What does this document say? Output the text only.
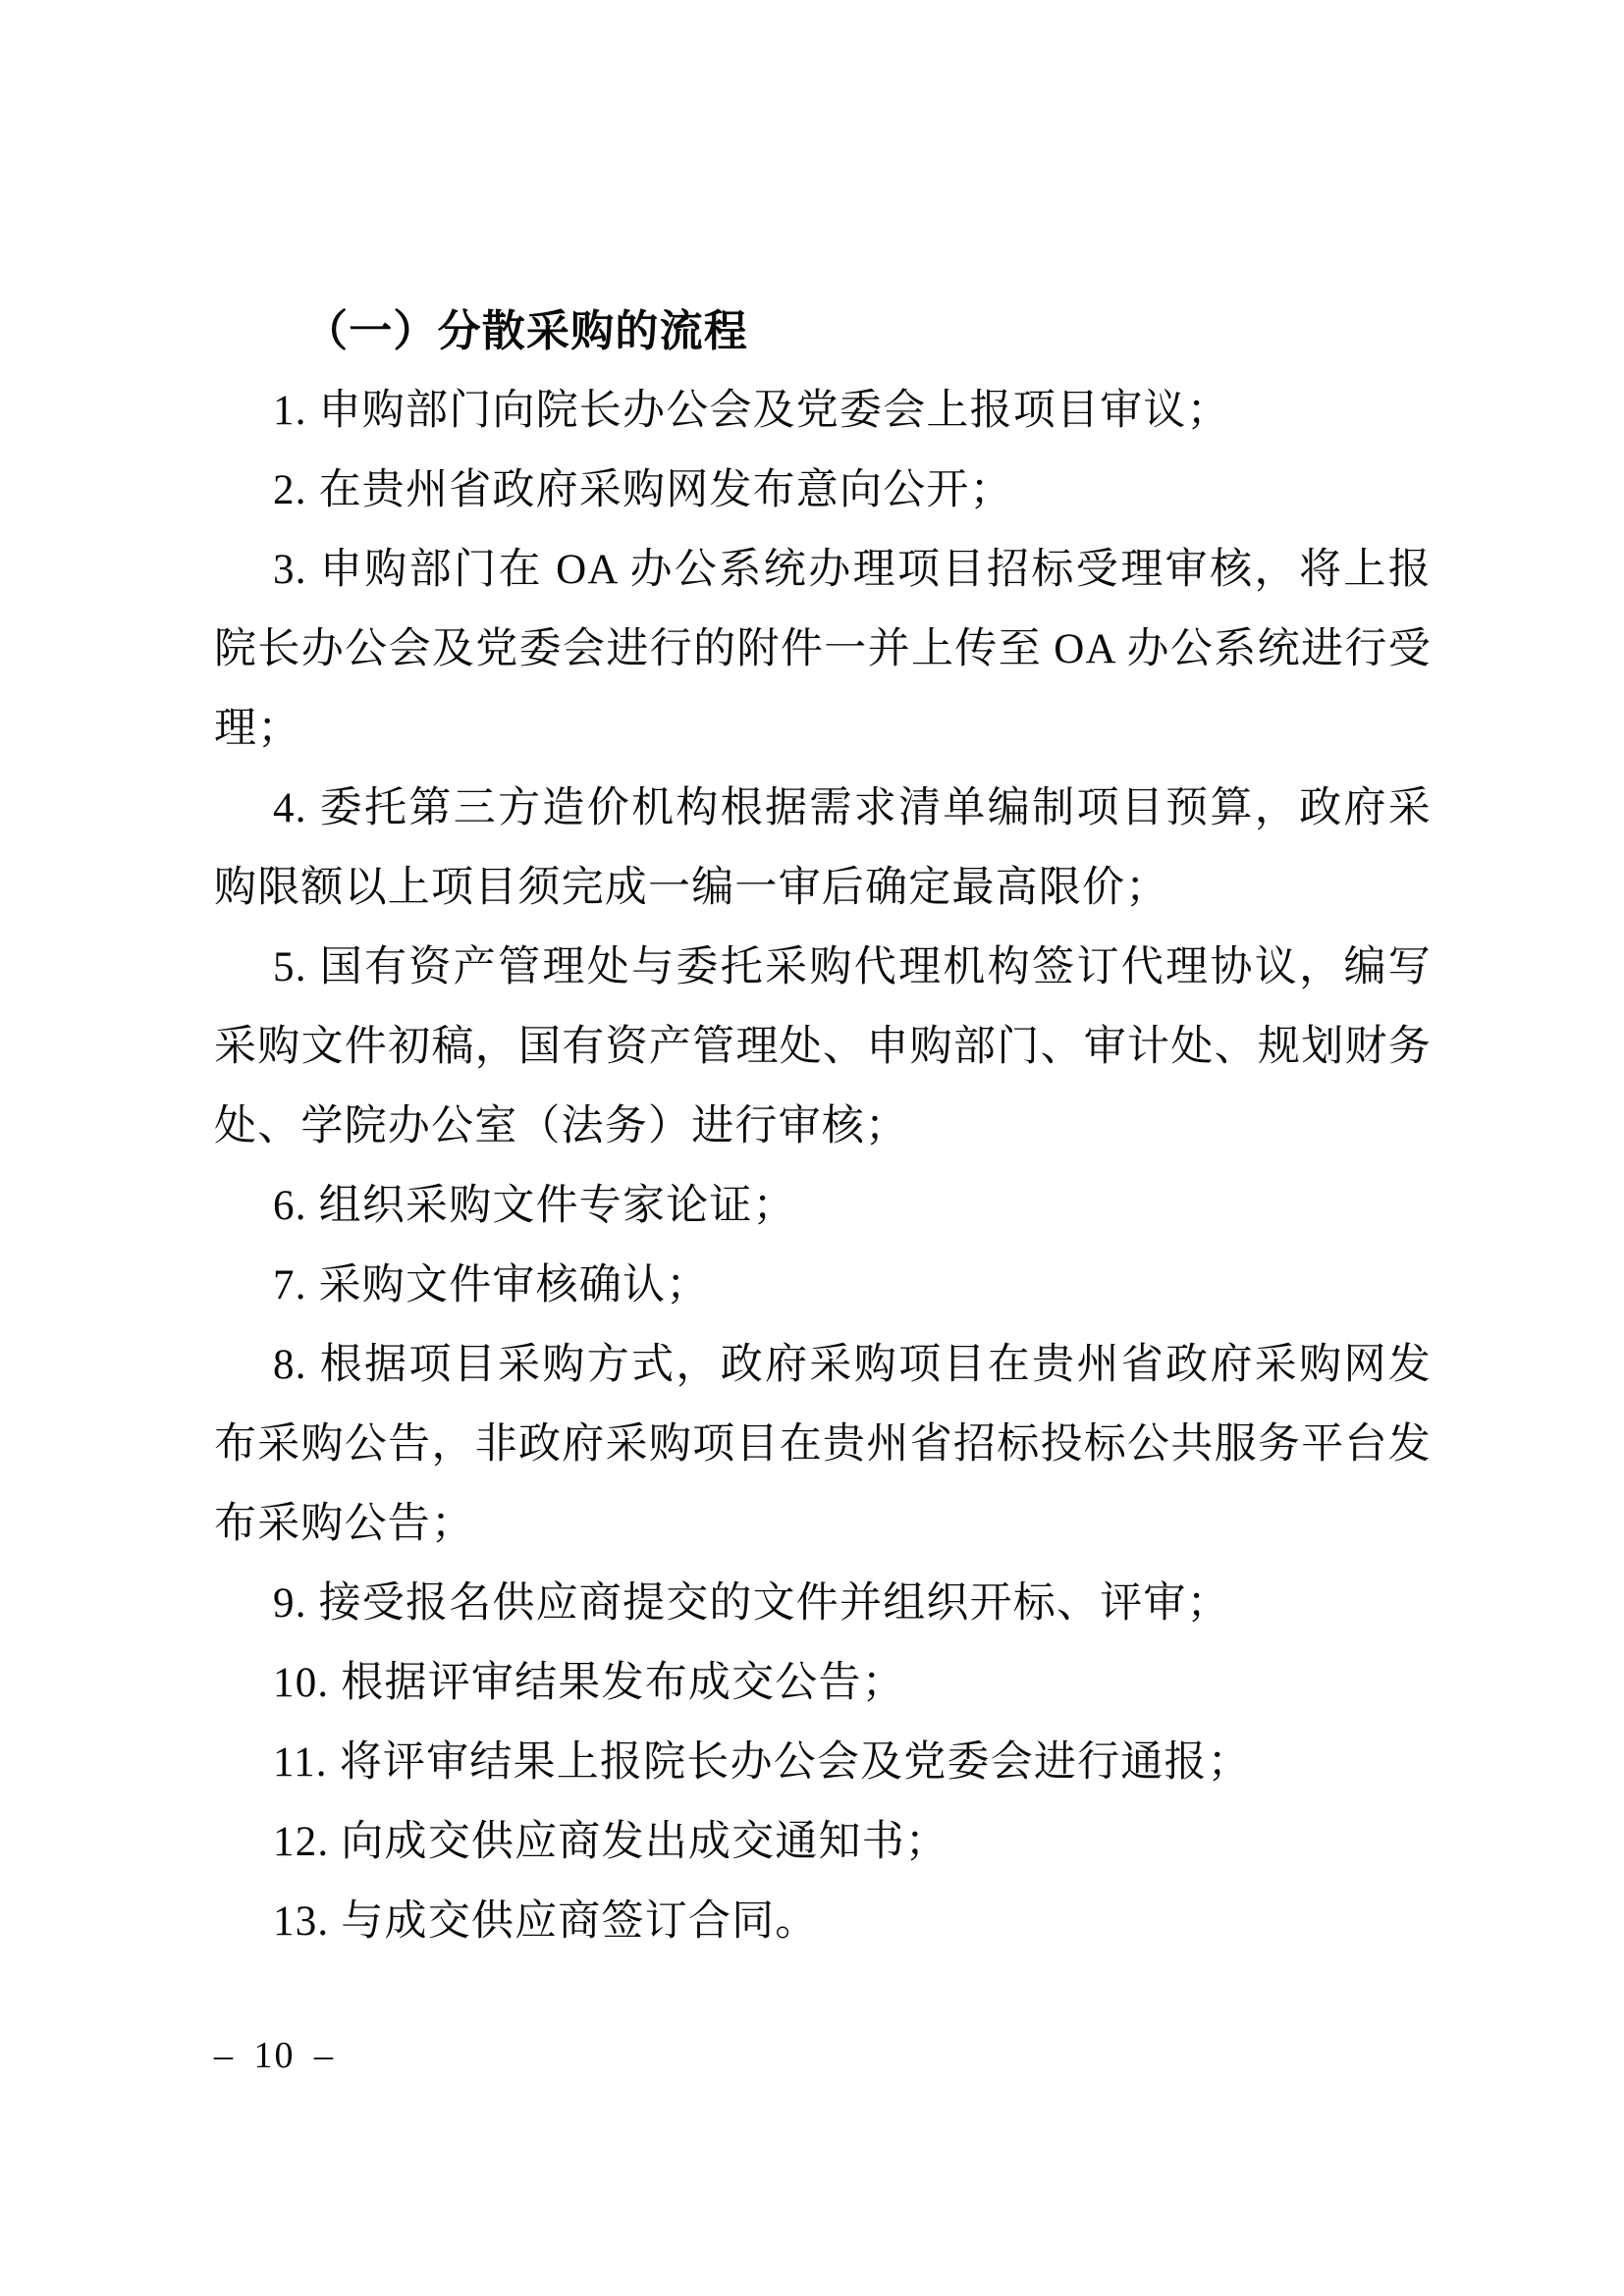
（一）分散采购的流程

1. 申购部门向院长办公会及党委会上报项目审议；

2. 在贵州省政府采购网发布意向公开；

3. 申购部门在 OA 办公系统办理项目招标受理审核，将上报院长办公会及党委会进行的附件一并上传至 OA 办公系统进行受理；

4. 委托第三方造价机构根据需求清单编制项目预算，政府采购限额以上项目须完成一编一审后确定最高限价；

5. 国有资产管理处与委托采购代理机构签订代理协议，编写采购文件初稿，国有资产管理处、申购部门、审计处、规划财务处、学院办公室（法务）进行审核；

6. 组织采购文件专家论证；

7. 采购文件审核确认；

8. 根据项目采购方式，政府采购项目在贵州省政府采购网发布采购公告，非政府采购项目在贵州省招标投标公共服务平台发布采购公告；

9. 接受报名供应商提交的文件并组织开标、评审；

10. 根据评审结果发布成交公告；

11. 将评审结果上报院长办公会及党委会进行通报；

12. 向成交供应商发出成交通知书；

13. 与成交供应商签订合同。

– 10 –
